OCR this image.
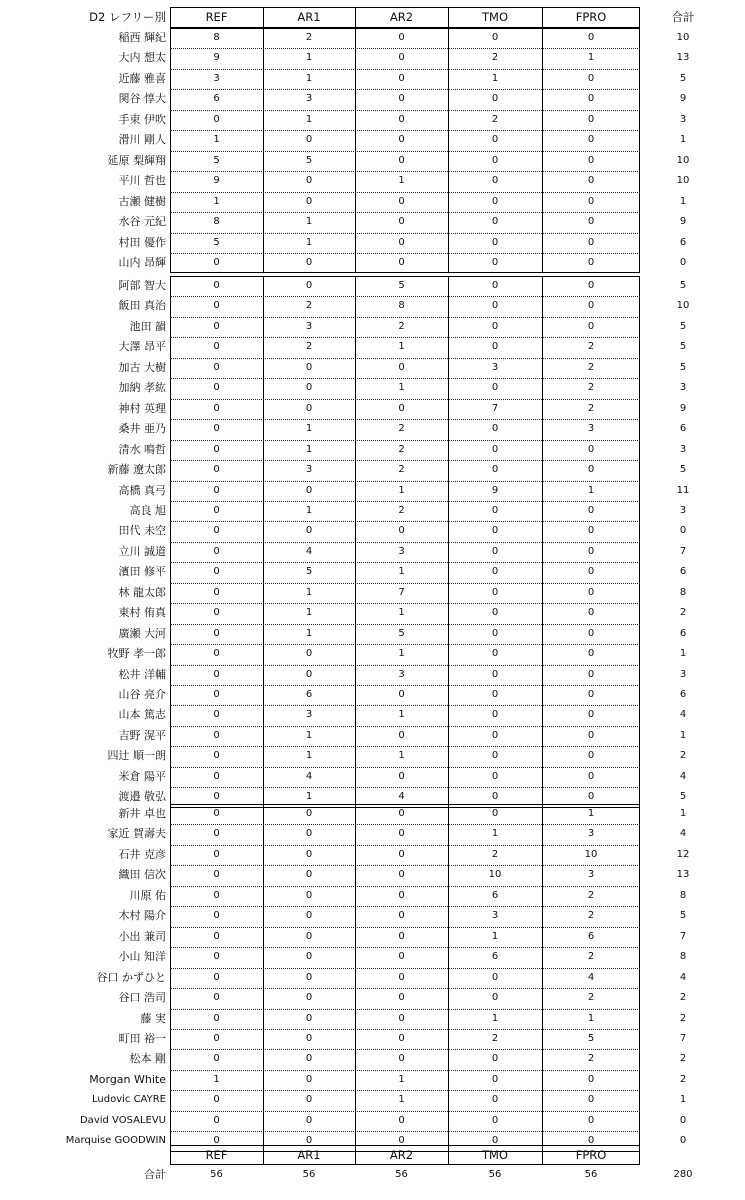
D2 レフリー別	REF	AR1	AR2	TMO	FPRO	合計
稲西 輝紀	8	2	0	0	0	10
大内 想太	9	1	0	2	1	13
近藤 雅喜	3	1	0	1	0	5
関谷 惇大	6	3	0	0	0	9
手束 伊吹	0	1	0	2	0	3
滑川 剛人	1	0	0	0	0	1
延原 梨輝翔	5	5	0	0	0	10
平川 哲也	9	0	1	0	0	10
古瀬 健樹	1	0	0	0	0	1
水谷 元紀	8	1	0	0	0	9
村田 優作	5	1	0	0	0	6
山内 昂輝	0	0	0	0	0	0
阿部 智大	0	0	5	0	0	5
飯田 真治	0	2	8	0	0	10
池田 韻	0	3	2	0	0	5
大澤 昂平	0	2	1	0	2	5
加古 大樹	0	0	0	3	2	5
加納 孝紘	0	0	1	0	2	3
神村 英理	0	0	0	7	2	9
桑井 亜乃	0	1	2	0	3	6
清水 鳴哲	0	1	2	0	0	3
新藤 遼太郎	0	3	2	0	0	5
高橋 真弓	0	0	1	9	1	11
高良 旭	0	1	2	0	0	3
田代 未空	0	0	0	0	0	0
立川 誠道	0	4	3	0	0	7
濱田 修平	0	5	1	0	0	6
林 龍太郎	0	1	7	0	0	8
東村 侑真	0	1	1	0	0	2
廣瀬 大河	0	1	5	0	0	6
牧野 孝一郎	0	0	1	0	0	1
松井 洋輔	0	0	3	0	0	3
山谷 亮介	0	6	0	0	0	6
山本 篤志	0	3	1	0	0	4
吉野 滉平	0	1	0	0	0	1
四辻 順一朗	0	1	1	0	0	2
米倉 陽平	0	4	0	0	0	4
渡邉 敬弘	0	1	4	0	0	5
新井 卓也	0	0	0	0	1	1
家近 賀壽夫	0	0	0	1	3	4
石井 克彦	0	0	0	2	10	12
織田 信次	0	0	0	10	3	13
川原 佑	0	0	0	6	2	8
木村 陽介	0	0	0	3	2	5
小出 兼司	0	0	0	1	6	7
小山 知洋	0	0	0	6	2	8
谷口 かずひと	0	0	0	0	4	4
谷口 浩司	0	0	0	0	2	2
藤 実	0	0	0	1	1	2
町田 裕一	0	0	0	2	5	7
松本 剛	0	0	0	0	2	2
Morgan White	1	0	1	0	0	2
Ludovic CAYRE	0	0	1	0	0	1
David VOSALEVU	0	0	0	0	0	0
Marquise GOODWIN	0	0	0	0	0	0
REF	AR1	AR2	TMO	FPRO
合計	56	56	56	56	56	280
